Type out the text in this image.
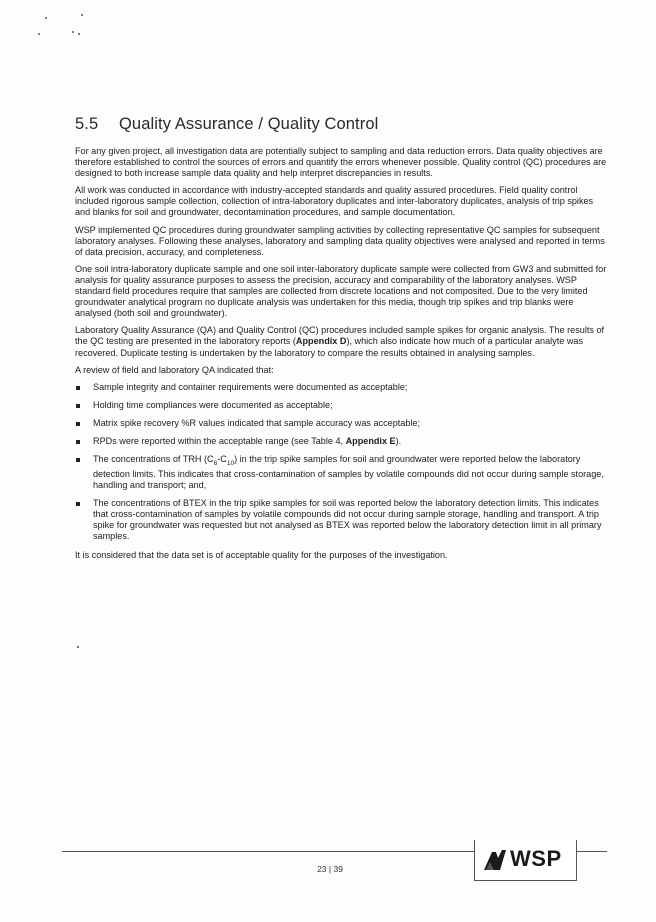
5.5 Quality Assurance / Quality Control

For any given project, all investigation data are potentially subject to sampling and data reduction errors. Data quality objectives are therefore established to control the sources of errors and quantify the errors whenever possible. Quality control (QC) procedures are designed to both increase sample data quality and help interpret discrepancies in results.

All work was conducted in accordance with industry-accepted standards and quality assured procedures. Field quality control included rigorous sample collection, collection of intra-laboratory duplicates and inter-laboratory duplicates, analysis of trip spikes and blanks for soil and groundwater, decontamination procedures, and sample documentation.

WSP implemented QC procedures during groundwater sampling activities by collecting representative QC samples for subsequent laboratory analyses. Following these analyses, laboratory and sampling data quality objectives were analysed and reported in terms of data precision, accuracy, and completeness.

One soil intra-laboratory duplicate sample and one soil inter-laboratory duplicate sample were collected from GW3 and submitted for analysis for quality assurance purposes to assess the precision, accuracy and comparability of the laboratory analyses. WSP standard field procedures require that samples are collected from discrete locations and not composited. Due to the very limited groundwater analytical program no duplicate analysis was undertaken for this media, though trip spikes and trip blanks were analysed (both soil and groundwater).

Laboratory Quality Assurance (QA) and Quality Control (QC) procedures included sample spikes for organic analysis. The results of the QC testing are presented in the laboratory reports (Appendix D), which also indicate how much of a particular analyte was recovered. Duplicate testing is undertaken by the laboratory to compare the results obtained in analysing samples.

A review of field and laboratory QA indicated that:

Sample integrity and container requirements were documented as acceptable;
Holding time compliances were documented as acceptable;
Matrix spike recovery %R values indicated that sample accuracy was acceptable;
RPDs were reported within the acceptable range (see Table 4, Appendix E).
The concentrations of TRH $(C_6-C_{10})$ in the trip spike samples for soil and groundwater were reported below the laboratory detection limits. This indicates that cross-contamination of samples by volatile compounds did not occur during sample storage, handling and transport; and,
The concentrations of BTEX in the trip spike samples for soil was reported below the laboratory detection limits. This indicates that cross-contamination of samples by volatile compounds did not occur during sample storage, handling and transport. A trip spike for groundwater was requested but not analysed as BTEX was reported below the laboratory detection limit in all primary samples.

It is considered that the data set is of acceptable quality for the purposes of the investigation.

23 | 39	WSP
